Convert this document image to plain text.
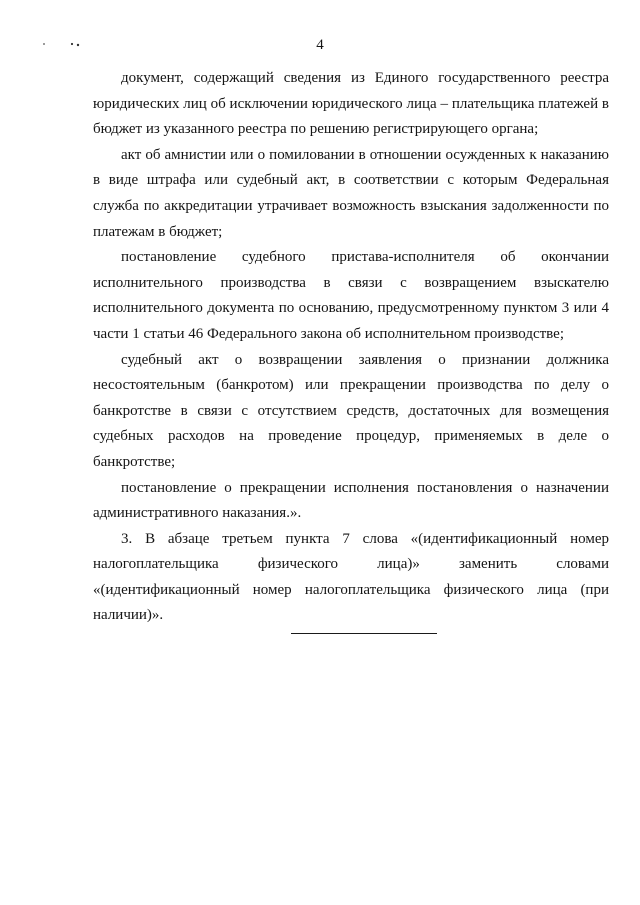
4

документ, содержащий сведения из Единого государственного реестра юридических лиц об исключении юридического лица – плательщика платежей в бюджет из указанного реестра по решению регистрирующего органа;

акт об амнистии или о помиловании в отношении осужденных к наказанию в виде штрафа или судебный акт, в соответствии с которым Федеральная служба по аккредитации утрачивает возможность взыскания задолженности по платежам в бюджет;

постановление судебного пристава-исполнителя об окончании исполнительного производства в связи с возвращением взыскателю исполнительного документа по основанию, предусмотренному пунктом 3 или 4 части 1 статьи 46 Федерального закона об исполнительном производстве;

судебный акт о возвращении заявления о признании должника несостоятельным (банкротом) или прекращении производства по делу о банкротстве в связи с отсутствием средств, достаточных для возмещения судебных расходов на проведение процедур, применяемых в деле о банкротстве;

постановление о прекращении исполнения постановления о назначении административного наказания.».

3. В абзаце третьем пункта 7 слова «(идентификационный номер налогоплательщика физического лица)» заменить словами «(идентификационный номер налогоплательщика физического лица (при наличии)».
